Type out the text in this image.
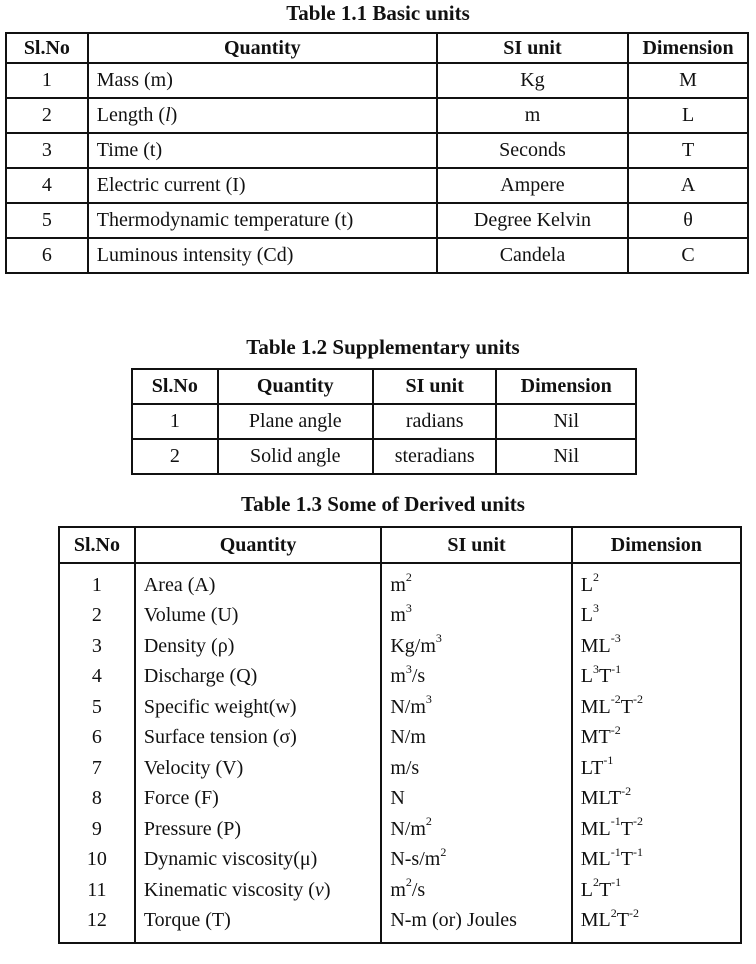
Table 1.1 Basic units
Sl.No	Quantity	SI unit	Dimension
1	Mass (m)	Kg	M
2	Length (l)	m	L
3	Time (t)	Seconds	T
4	Electric current (I)	Ampere	A
5	Thermodynamic temperature (t)	Degree Kelvin	θ
6	Luminous intensity (Cd)	Candela	C
Table 1.2 Supplementary units
Sl.No	Quantity	SI unit	Dimension
1	Plane angle	radians	Nil
2	Solid angle	steradians	Nil
Table 1.3 Some of Derived units
Sl.No	Quantity	SI unit	Dimension
1	Area (A)	$m^2$	$L^2$
2	Volume (U)	$m^3$	$L^3$
3	Density (ρ)	$Kg/m^3$	$ML^{-3}$
4	Discharge (Q)	$m^3/s$	$L^3T^{-1}$
5	Specific weight(w)	$N/m^3$	$ML^{-2}T^{-2}$
6	Surface tension (σ)	N/m	$MT^{-2}$
7	Velocity (V)	m/s	$LT^{-1}$
8	Force (F)	N	$MLT^{-2}$
9	Pressure (P)	$N/m^2$	$ML^{-1}T^{-2}$
10	Dynamic viscosity(μ)	$N-s/m^2$	$ML^{-1}T^{-1}$
11	Kinematic viscosity (ν)	$m^2/s$	$L^2T^{-1}$
12	Torque (T)	N-m (or) Joules	$ML^2T^{-2}$
